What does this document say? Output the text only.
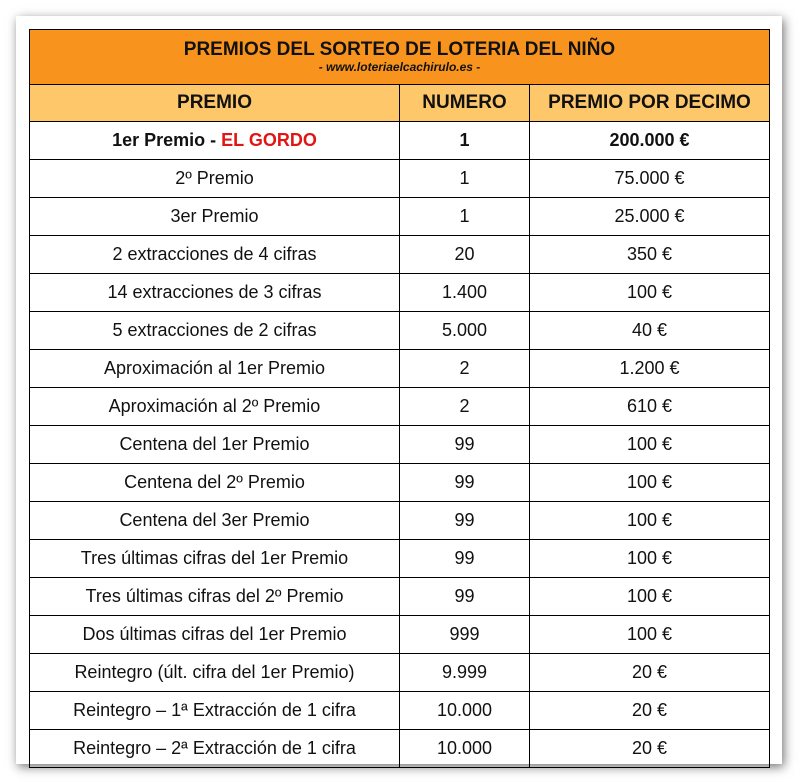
PREMIOS DEL SORTEO DE LOTERIA DEL NIÑO
- www.loteriaelcachirulo.es -		

PREMIO	NUMERO	PREMIO POR DECIMO
1er Premio - EL GORDO	1	200.000 €
2º Premio	1	75.000 €
3er Premio	1	25.000 €
2 extracciones de 4 cifras	20	350 €
14 extracciones de 3 cifras	1.400	100 €
5 extracciones de 2 cifras	5.000	40 €
Aproximación al 1er Premio	2	1.200 €
Aproximación al 2º Premio	2	610 €
Centena del 1er Premio	99	100 €
Centena del 2º Premio	99	100 €
Centena del 3er Premio	99	100 €
Tres últimas cifras del 1er Premio	99	100 €
Tres últimas cifras del 2º Premio	99	100 €
Dos últimas cifras del 1er Premio	999	100 €
Reintegro (últ. cifra del 1er Premio)	9.999	20 €
Reintegro – 1ª Extracción de 1 cifra	10.000	20 €
Reintegro – 2ª Extracción de 1 cifra	10.000	20 €
